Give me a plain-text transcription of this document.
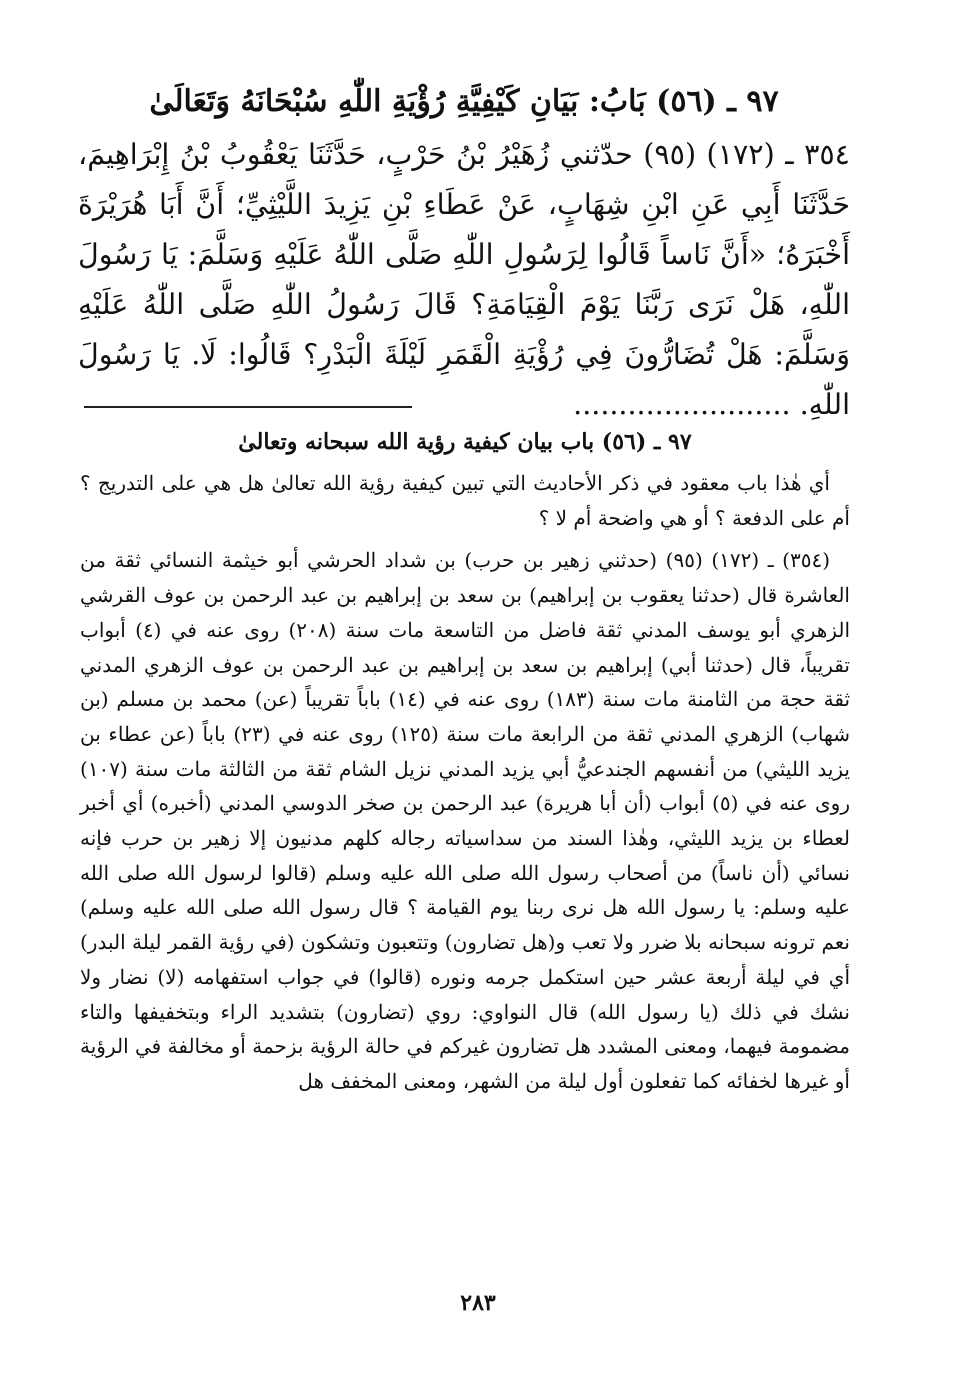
٩٧ ـ (٥٦) بَابُ: بَيَانِ كَيْفِيَّةِ رُؤْيَةِ اللّٰهِ سُبْحَانَهُ وَتَعَالَىٰ

٣٥٤ ـ (١٧٢) (٩٥) حدّثني زُهَيْرُ بْنُ حَرْبٍ، حَدَّثَنَا يَعْقُوبُ بْنُ إِبْرَاهِيمَ، حَدَّثَنَا أَبِي عَنِ ابْنِ شِهَابٍ، عَنْ عَطَاءِ بْنِ يَزِيدَ اللَّيْثِيِّ؛ أَنَّ أَبَا هُرَيْرَةَ أَخْبَرَهُ؛ «أَنَّ نَاساً قَالُوا لِرَسُولِ اللّٰهِ صَلَّى اللّٰهُ عَلَيْهِ وَسَلَّمَ: يَا رَسُولَ اللّٰهِ، هَلْ نَرَى رَبَّنَا يَوْمَ الْقِيَامَةِ؟ قَالَ رَسُولُ اللّٰهِ صَلَّى اللّٰهُ عَلَيْهِ وَسَلَّمَ: هَلْ تُضَارُّونَ فِي رُؤْيَةِ الْقَمَرِ لَيْلَةَ الْبَدْرِ؟ قَالُوا: لَا. يَا رَسُولَ اللّٰهِ. ........................

٩٧ ـ (٥٦) باب بيان كيفية رؤية الله سبحانه وتعالىٰ

أي هٰذا باب معقود في ذكر الأحاديث التي تبين كيفية رؤية الله تعالىٰ هل هي على التدريج ؟ أم على الدفعة ؟ أو هي واضحة أم لا ؟

(٣٥٤) ـ (١٧٢) (٩٥) (حدثني زهير بن حرب) بن شداد الحرشي أبو خيثمة النسائي ثقة من العاشرة قال (حدثنا يعقوب بن إبراهيم) بن سعد بن إبراهيم بن عبد الرحمن بن عوف القرشي الزهري أبو يوسف المدني ثقة فاضل من التاسعة مات سنة (٢٠٨) روى عنه في (٤) أبواب تقريباً، قال (حدثنا أبي) إبراهيم بن سعد بن إبراهيم بن عبد الرحمن بن عوف الزهري المدني ثقة حجة من الثامنة مات سنة (١٨٣) روى عنه في (١٤) باباً تقريباً (عن) محمد بن مسلم (بن شهاب) الزهري المدني ثقة من الرابعة مات سنة (١٢٥) روى عنه في (٢٣) باباً (عن عطاء بن يزيد الليثي) من أنفسهم الجندعيُّ أبي يزيد المدني نزيل الشام ثقة من الثالثة مات سنة (١٠٧) روى عنه في (٥) أبواب (أن أبا هريرة) عبد الرحمن بن صخر الدوسي المدني (أخبره) أي أخبر لعطاء بن يزيد الليثي، وهٰذا السند من سداسياته رجاله كلهم مدنيون إلا زهير بن حرب فإنه نسائي (أن ناساً) من أصحاب رسول الله صلى الله عليه وسلم (قالوا لرسول الله صلى الله عليه وسلم: يا رسول الله هل نرى ربنا يوم القيامة ؟ قال رسول الله صلى الله عليه وسلم) نعم ترونه سبحانه بلا ضرر ولا تعب و(هل تضارون) وتتعبون وتشكون (في رؤية القمر ليلة البدر) أي في ليلة أربعة عشر حين استكمل جرمه ونوره (قالوا) في جواب استفهامه (لا) نضار ولا نشك في ذلك (يا رسول الله) قال النواوي: روي (تضارون) بتشديد الراء وبتخفيفها والتاء مضمومة فيهما، ومعنى المشدد هل تضارون غيركم في حالة الرؤية بزحمة أو مخالفة في الرؤية أو غيرها لخفائه كما تفعلون أول ليلة من الشهر، ومعنى المخفف هل

٢٨٣
